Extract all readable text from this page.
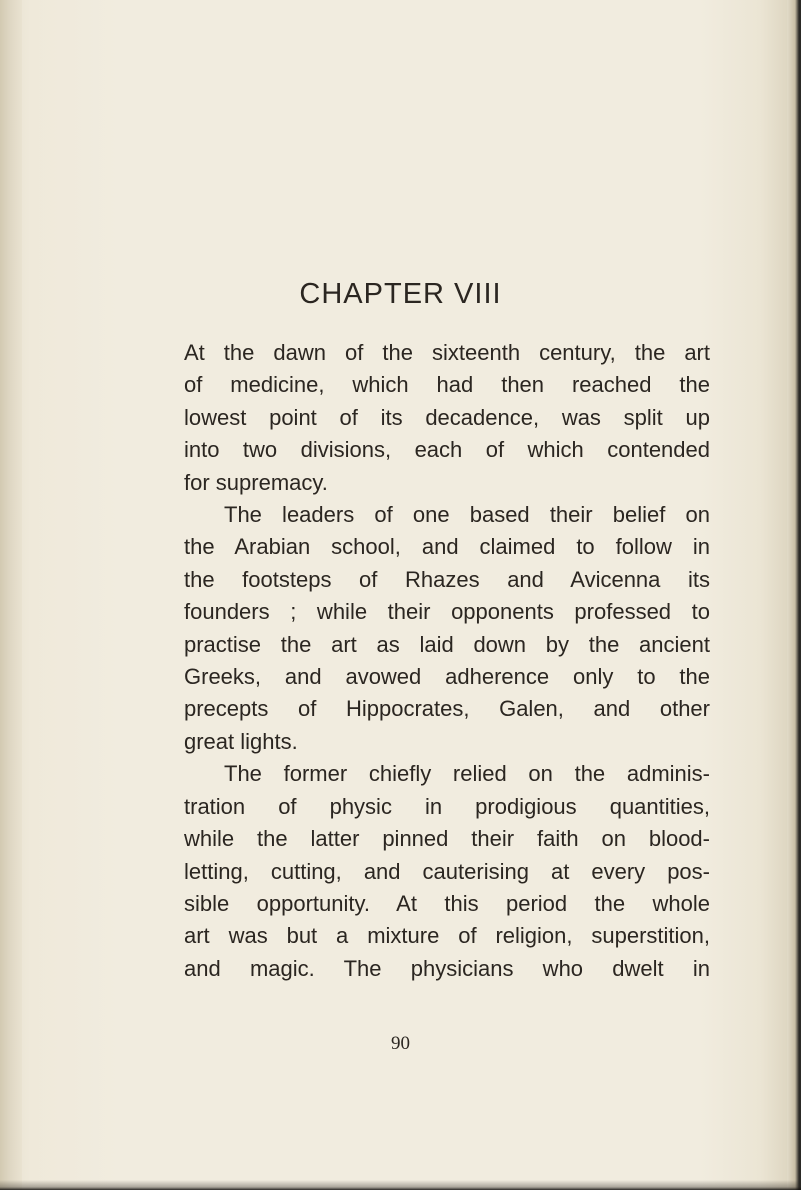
CHAPTER VIII
At the dawn of the sixteenth century, the art
of medicine, which had then reached the
lowest point of its decadence, was split up
into two divisions, each of which contended
for supremacy.
The leaders of one based their belief on
the Arabian school, and claimed to follow in
the footsteps of Rhazes and Avicenna its
founders ; while their opponents professed to
practise the art as laid down by the ancient
Greeks, and avowed adherence only to the
precepts of Hippocrates, Galen, and other
great lights.
The former chiefly relied on the adminis-
tration of physic in prodigious quantities,
while the latter pinned their faith on blood-
letting, cutting, and cauterising at every pos-
sible opportunity. At this period the whole
art was but a mixture of religion, superstition,
and magic. The physicians who dwelt in
90
